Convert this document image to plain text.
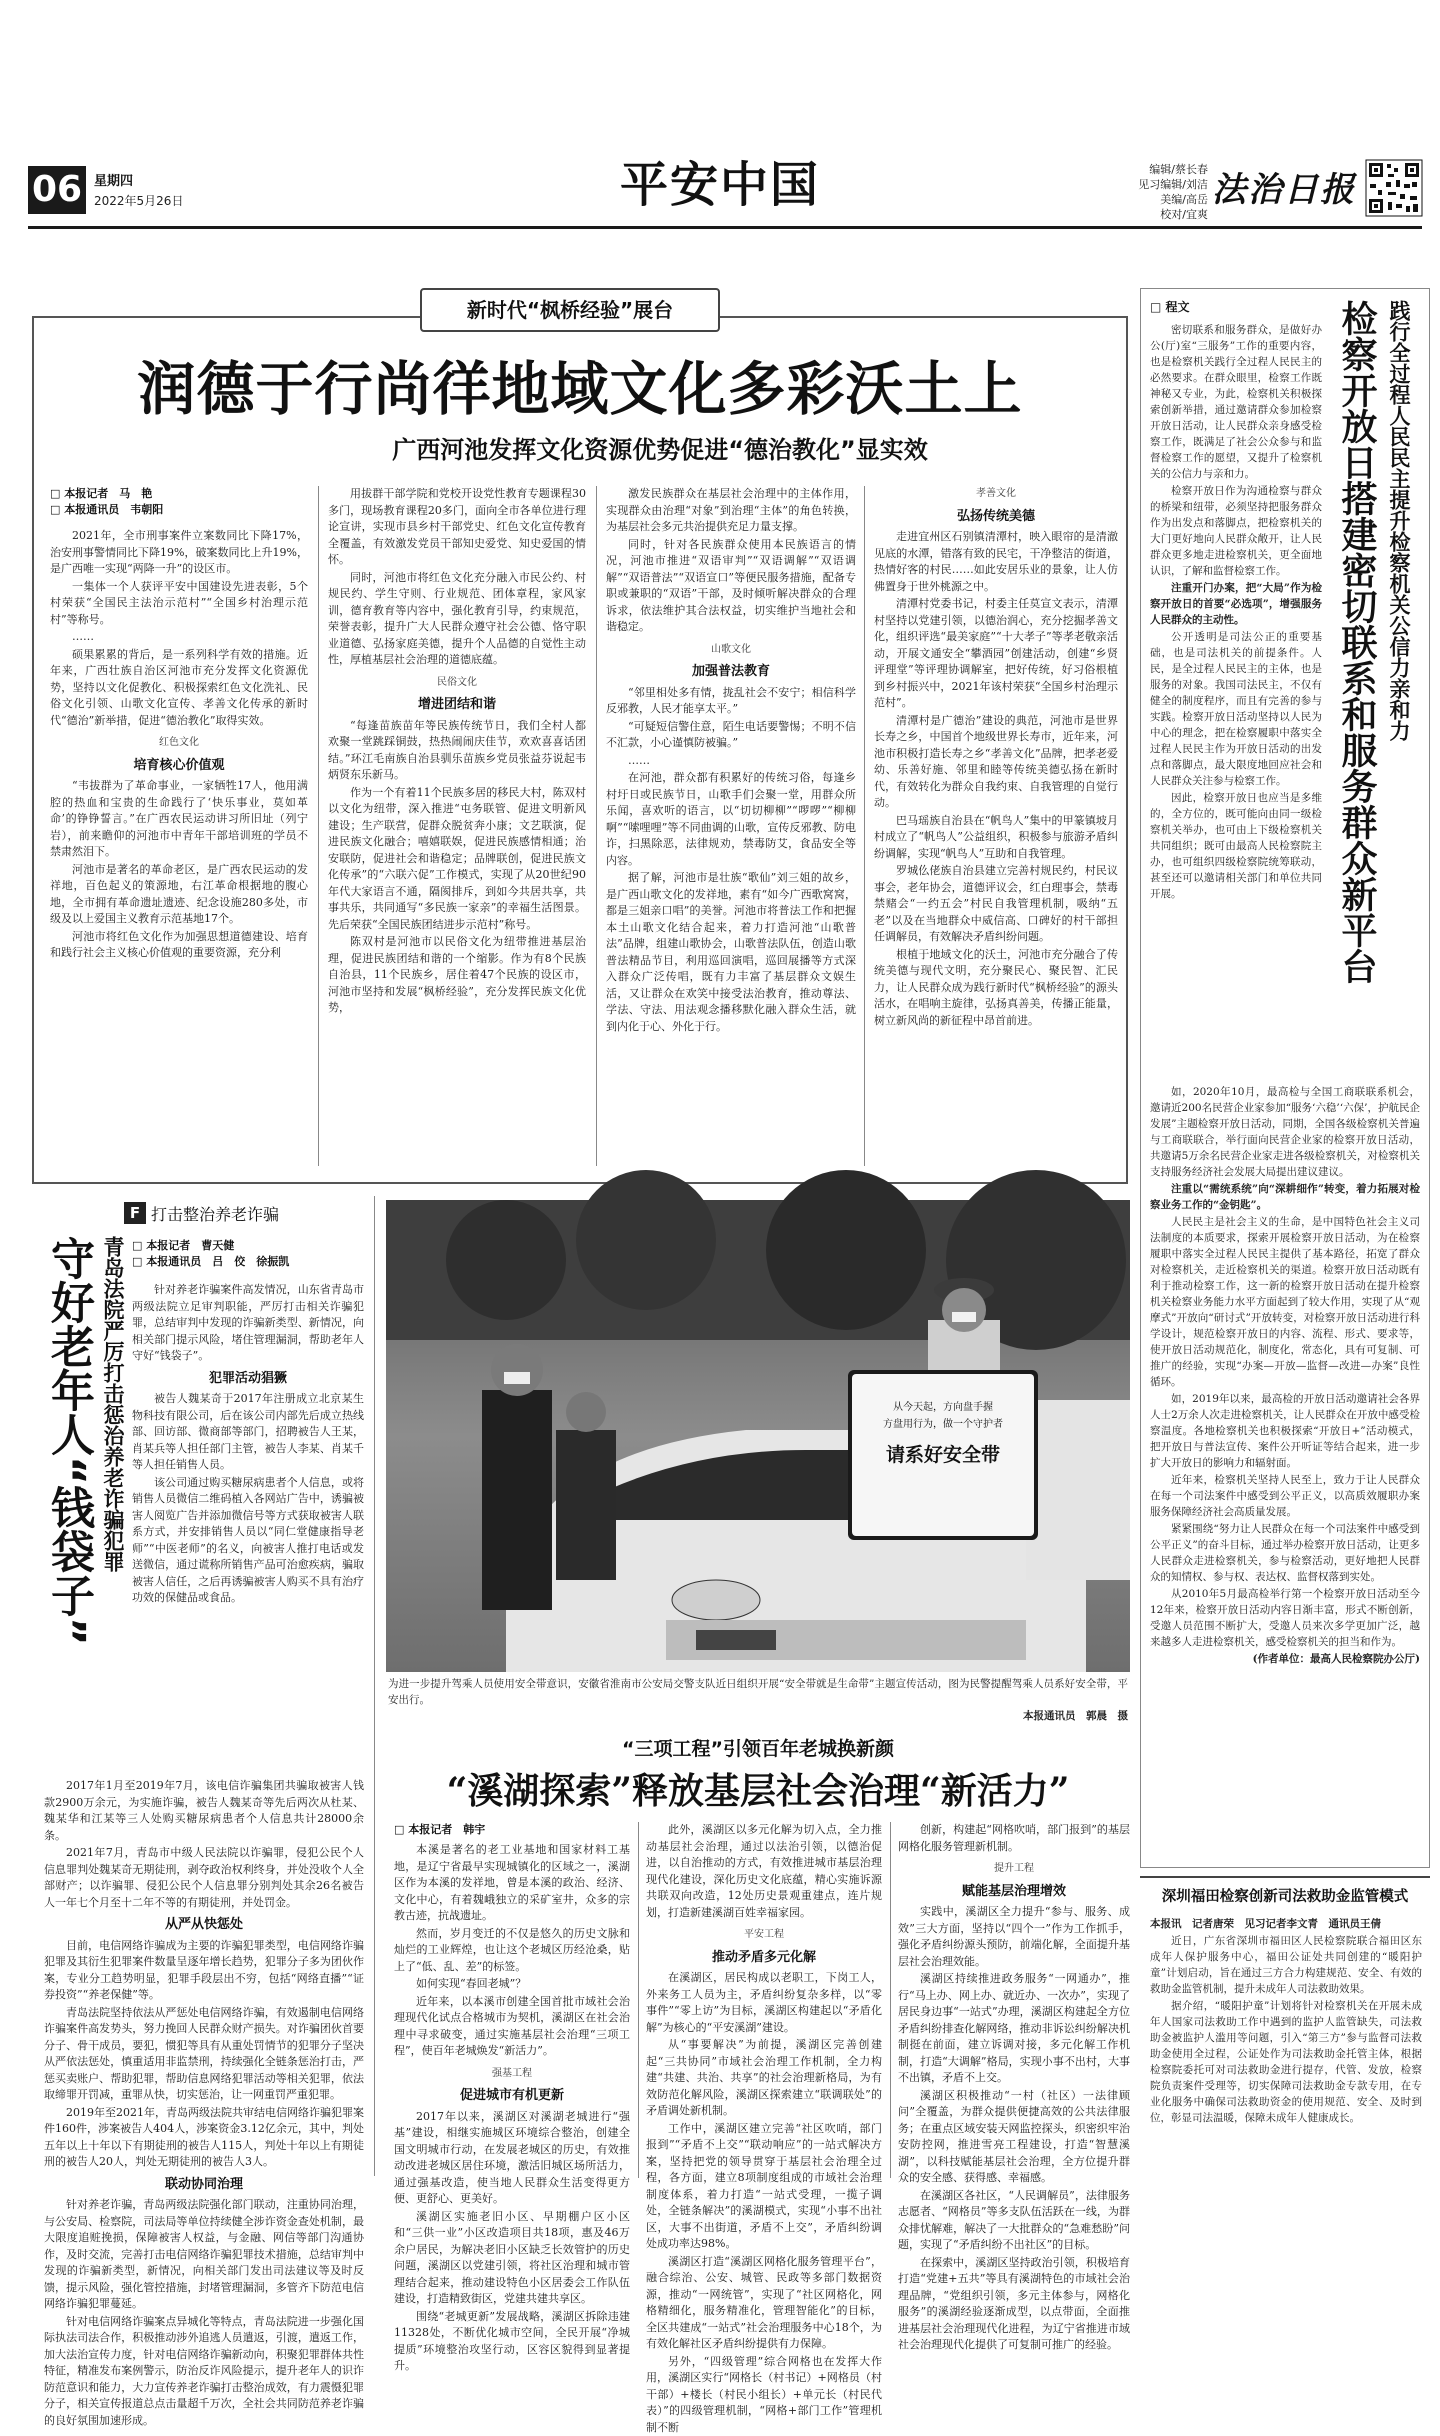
06 星期四
2022年5月26日	平安中国	编辑/蔡长春
见习编辑/刘洁
美编/高岳
校对/宜爽
法治日报
新时代“枫桥经验”展台
润德于行尚徉地域文化多彩沃土上
广西河池发挥文化资源优势促进“德治教化”显实效
□ 本报记者　马　艳
□ 本报通讯员　韦朝阳

2021年，全市刑事案件立案数同比下降17%，治安刑事警情同比下降19%，破案数同比上升19%，是广西唯一实现“两降一升”的设区市。

一集体一个人获评平安中国建设先进表彰，5个村荣获“全国民主法治示范村”“全国乡村治理示范村”等称号。

……

硕果累累的背后，是一系列科学有效的措施。近年来，广西壮族自治区河池市充分发挥文化资源优势，坚持以文化促教化、积极探索红色文化洗礼、民俗文化引领、山歌文化宣传、孝善文化传承的新时代“德治”新举措，促进“德治教化”取得实效。

红色文化
培育核心价值观

“韦拔群为了革命事业，一家牺牲17人，他用满腔的热血和宝贵的生命践行了‘快乐事业，莫如革命’的铮铮誓言。”在广西农民运动讲习所旧址（列宁岩），前来瞻仰的河池市中青年干部培训班的学员不禁肃然泪下。

河池市是著名的革命老区，是广西农民运动的发祥地，百色起义的策源地，右江革命根据地的腹心地，全市拥有革命遗址遗迹、纪念设施280多处，市级及以上爱国主义教育示范基地17个。

河池市将红色文化作为加强思想道德建设、培育和践行社会主义核心价值观的重要资源，充分利

用拔群干部学院和党校开设党性教育专题课程30多门，现场教育课程20多门，面向全市各单位进行理论宣讲，实现市县乡村干部党史、红色文化宣传教育全覆盖，有效激发党员干部知史爱党、知史爱国的情怀。

同时，河池市将红色文化充分融入市民公约、村规民约、学生守则、行业规范、团体章程，家风家训，德育教育等内容中，强化教育引导，约束规范，荣誉表彰，提升广大人民群众遵守社会公德、恪守职业道德、弘扬家庭美德，提升个人品德的自觉性主动性，厚植基层社会治理的道德底蕴。

民俗文化
增进团结和谐

“每逢苗族苗年等民族传统节日，我们全村人都欢聚一堂跳踩铜鼓，热热闹闹庆佳节，欢欢喜喜话团结。”环江毛南族自治县驯乐苗族乡党员张益芬说起韦炳贤东乐新马。

作为一个有着11个民族多居的移民大村，陈双村以文化为纽带，深入推进“屯务联管、促进文明新风建设；生产联营，促群众脱贫奔小康；文艺联演，促进民族文化融合；嘻嬉联娱，促进民族感情相通；治安联防，促进社会和谐稳定；品牌联创，促进民族文化传承”的“六联六促”工作模式，实现了从20世纪90年代大家语言不通，隔阂排斥，到如今共居共享，共事共乐，共同通写“多民族一家亲”的幸福生活图景。先后荣获“全国民族团结进步示范村”称号。

陈双村是河池市以民俗文化为纽带推进基层治理，促进民族团结和谐的一个缩影。作为有8个民族自治县，11个民族乡，居住着47个民族的设区市，河池市坚持和发展“枫桥经验”，充分发挥民族文化优势，

激发民族群众在基层社会治理中的主体作用，实现群众由治理“对象”到治理“主体”的角色转换，为基层社会多元共治提供充足力量支撑。

同时，针对各民族群众使用本民族语言的情况，河池市推进“双语审判”“双语调解”“双语调解”“双语普法”“双语宣口”等便民服务措施，配备专职或兼职的“双语”干部，及时倾听解决群众的合理诉求，依法维护其合法权益，切实维护当地社会和谐稳定。

山歌文化
加强普法教育

“邻里相处多有情，拢乱社会不安宁；相信科学反邪教，人民才能享太平。”

“可疑短信警住意，陌生电话要警惕；不明不信不汇款，小心谨慎防被骗。”

……

在河池，群众都有积累好的传统习俗，每逢乡村圩日或民族节日，山歌手们会聚一堂，用群众所乐闻，喜欢听的语言，以“切切柳柳”“啰啰”“柳柳啊”“嗦哩哩”等不同曲调的山歌，宣传反邪教、防电诈，扫黑除恶，法律规劝，禁毒防艾，食品安全等内容。

据了解，河池市是壮族“歌仙”刘三姐的故乡，是广西山歌文化的发祥地，素有“如今广西歌窝窝，都是三姐亲口唱”的美誉。河池市将普法工作和把握本土山歌文化结合起来，着力打造河池“山歌普法”品牌，组建山歌协会，山歌普法队伍，创造山歌普法精品节目，利用巡回演唱，巡回展播等方式深入群众广泛传唱，既有力丰富了基层群众文娱生活，又让群众在欢笑中接受法治教育，推动尊法、学法、守法、用法观念播移默化融入群众生活，就到内化于心、外化于行。

孝善文化
弘扬传统美德

走进宜州区石别镇清潭村，映入眼帘的是清澈见底的水潭，错落有致的民宅，干净整洁的街道，热情好客的村民……如此安居乐业的景象，让人仿佛置身于世外桃源之中。

清潭村党委书记，村委主任莫宣文表示，清潭村坚持以党建引领，以德治润心，充分挖掘孝善文化，组织评选“最美家庭”“十大孝子”等孝老敬亲活动，开展文通安全“攀酒园”创建活动，创建“乡贤评理堂”等评理协调解室，把好传统，好习俗根植到乡村振兴中，2021年该村荣获“全国乡村治理示范村”。

清潭村是广德治”建设的典范，河池市是世界长寿之乡，中国首个地级世界长寿市，近年来，河池市积极打造长寿之乡“孝善文化”品牌，把孝老爱幼、乐善好施、邻里和睦等传统美德弘扬在新时代，有效转化为群众自我约束、自我管理的自觉行动。

巴马瑶族自治县在“帆鸟人”集中的甲篆镇坡月村成立了“帆鸟人”公益组织，积极参与旅游矛盾纠纷调解，实现“帆鸟人”互助和自我管理。

罗城仫佬族自治县建立完善村规民约，村民议事会，老年协会，道德评议会，红白理事会，禁毒禁赌会“一约五会”村民自我管理机制，吸纳“五老”以及在当地群众中威信高、口碑好的村干部担任调解员，有效解决矛盾纠纷问题。

根植于地域文化的沃土，河池市充分融合了传统美德与现代文明，充分聚民心、聚民智、汇民力，让人民群众成为践行新时代“枫桥经验”的源头活水，在唱响主旋律，弘扬真善美，传播正能量，树立新风尚的新征程中昂首前进。

□ 程文	践行全过程人民民主提升检察机关公信力亲和力
检察开放日搭建密切联系和服务群众新平台

密切联系和服务群众，是做好办公(厅)室“三服务”工作的重要内容，也是检察机关践行全过程人民民主的必然要求。在群众眼里，检察工作既神秘又专业，为此，检察机关积极探索创新举措，通过邀请群众参加检察开放日活动，让人民群众亲身感受检察工作，既满足了社会公众参与和监督检察工作的愿望，又提升了检察机关的公信力与亲和力。

检察开放日作为沟通检察与群众的桥梁和纽带，必须坚持把服务群众作为出发点和落脚点，把检察机关的大门更好地向人民群众敞开，让人民群众更多地走进检察机关，更全面地认识，了解和监督检察工作。

注重开门办案，把“大局”作为检察开放日的首要“必选项”，增强服务人民群众的主动性。

公开透明是司法公正的重要基础，也是司法机关的前提条件。人民，是全过程人民民主的主体，也是服务的对象。我国司法民主，不仅有健全的制度程序，而且有完善的参与实践。检察开放日活动坚持以人民为中心的理念，把在检察履职中落实全过程人民民主作为开放日活动的出发点和落脚点，最大限度地回应社会和人民群众关注参与检察工作。

因此，检察开放日也应当是多维的，全方位的，既可能向由同一级检察机关举办，也可由上下级检察机关共同组织；既可由最高人民检察院主办，也可组织四级检察院统筹联动，甚至还可以邀请相关部门和单位共同开展。

如，2020年10月，最高检与全国工商联联系机会，邀请近200名民营企业家参加“服务‘六稳’‘六保’，护航民企发展”主题检察开放日活动，同期，全国各级检察机关普遍与工商联联合，举行面向民营企业家的检察开放日活动，共邀请5万余名民营企业家走进各级检察机关，对检察机关支持服务经济社会发展大局提出建议建议。

注重以“需统系统”向“深耕细作”转变，着力拓展对检察业务工作的“金钥匙”。

人民民主是社会主义的生命，是中国特色社会主义司法制度的本质要求，探索开展检察开放日活动，为在检察履职中落实全过程人民民主提供了基本路径，拓宽了群众对检察机关，走近检察机关的渠道。检察开放日活动既有利于推动检察工作，这一新的检察开放日活动在提升检察机关检察业务能力水平方面起到了较大作用，实现了从“观摩式”开放向“研讨式”开放转变，对检察开放日活动进行科学设计，规范检察开放日的内容、流程、形式、要求等，使开放日活动规范化，制度化，常态化，具有可复制、可推广的经验，实现“办案—开放—监督—改进—办案”良性循环。

如，2019年以来，最高检的开放日活动邀请社会各界人士2万余人次走进检察机关，让人民群众在开放中感受检察温度。各地检察机关也积极探索“开放日+”活动模式，把开放日与普法宣传、案件公开听证等结合起来，进一步扩大开放日的影响力和辐射面。

近年来，检察机关坚持人民至上，致力于让人民群众在每一个司法案件中感受到公平正义，以高质效履职办案服务保障经济社会高质量发展。

紧紧围绕“努力让人民群众在每一个司法案件中感受到公平正义”的奋斗目标，通过举办检察开放日活动，让更多人民群众走进检察机关，参与检察活动，更好地把人民群众的知情权、参与权、表达权、监督权落到实处。

从2010年5月最高检举行第一个检察开放日活动至今12年来，检察开放日活动内容日渐丰富，形式不断创新，受邀人员范围不断扩大，受邀人员来次多学更加广泛，越来越多人走进检察机关，感受检察机关的担当和作为。

(作者单位：最高人民检察院办公厅)

深圳福田检察创新司法救助金监管模式

本报讯　记者唐荣　见习记者李文青　通讯员王倩

近日，广东省深圳市福田区人民检察院联合福田区东成年人保护服务中心，福田公证处共同创建的“暖阳护童”计划启动，旨在通过三方合力构建规范、安全、有效的救助金监管机制，提升未成年人司法救助效果。

据介绍，“暖阳护童”计划将针对检察机关在开展未成年人国家司法救助工作中遇到的监护人监管缺失，司法救助金被监护人滥用等问题，引入“第三方”参与监督司法救助金使用全过程，公证处作为司法救助金托管主体，根据检察院委托可对司法救助金进行提存，代管、发放，检察院负责案件受理等，切实保障司法救助金专款专用，在专业化服务中确保司法救助资金的使用规范、安全、及时到位，彰显司法温暖，保障未成年人健康成长。

F 打击整治养老诈骗
守好老年人“钱袋子” 青岛法院严厉打击惩治养老诈骗犯罪 □ 本报记者　曹天健
□ 本报通讯员　吕　佼　徐振凯

针对养老诈骗案件高发情况，山东省青岛市两级法院立足审判职能，严厉打击相关诈骗犯罪，总结审判中发现的诈骗新类型、新情况，向相关部门提示风险，堵住管理漏洞，帮助老年人守好“钱袋子”。

犯罪活动猖獗

被告人魏某奇于2017年注册成立北京某生物科技有限公司，后在该公司内部先后成立热线部、回访部、微商部等部门，招聘被告人王某，肖某兵等人担任部门主管，被告人李某、肖某千等人担任销售人员。

该公司通过购买糖尿病患者个人信息，或将销售人员微信二维码植入各网站广告中，诱骗被害人阅览广告并添加微信号等方式获取被害人联系方式，并安排销售人员以“同仁堂健康指导老师”“中医老师”的名义，向被害人推打电话或发送微信，通过谎称所销售产品可治愈疾病，骗取被害人信任，之后再诱骗被害人购买不具有治疗功效的保健品或食品。

2017年1月至2019年7月，该电信诈骗集团共骗取被害人钱款2900万余元，为实施诈骗，被告人魏某奇等先后两次从杜某、魏某华和江某等三人处购买糖尿病患者个人信息共计28000余条。

2021年7月，青岛市中级人民法院以诈骗罪，侵犯公民个人信息罪判处魏某奇无期徒刑，剥夺政治权利终身，并处没收个人全部财产；以诈骗罪、侵犯公民个人信息罪分别判处其余26名被告人一年七个月至十二年不等的有期徒刑，并处罚金。

从严从快惩处

目前，电信网络诈骗成为主要的诈骗犯罪类型，电信网络诈骗犯罪及其衍生犯罪案件数量呈逐年增长趋势，犯罪分子多为团伙作案，专业分工趋势明显，犯罪手段层出不穷，包括“网络直播”“证券投资”“养老保健”等。

青岛法院坚持依法从严惩处电信网络诈骗，有效遏制电信网络诈骗案件高发势头，努力挽回人民群众财产损失。对诈骗团伙首要分子、骨干成员，要犯，惯犯等具有从重处罚情节的犯罪分子坚决从严依法惩处，慎重适用非监禁刑，持续强化全链条惩治打击，严惩买卖账户、帮助犯罪，帮助信息网络犯罪活动等相关犯罪，依法取缔罪开罚减，重罪从快，切实惩治，让一网重罚严重犯罪。

2019年至2021年，青岛两级法院共审结电信网络诈骗犯罪案件160件，涉案被告人404人，涉案资金3.12亿余元，其中，判处五年以上十年以下有期徒刑的被告人115人，判处十年以上有期徒刑的被告人20人，判处无期徒刑的被告人3人。

联动协同治理

针对养老诈骗，青岛两级法院强化部门联动，注重协同治理，与公安局、检察院，司法局等单位持续健全涉诈资金查处机制，最大限度追赃挽损，保障被害人权益，与金融、网信等部门沟通协作，及时交流，完善打击电信网络诈骗犯罪技术措施，总结审判中发现的诈骗新类型，新情况，向相关部门发出司法建议等及时反馈，提示风险，强化管控措施，封堵管理漏洞，多管齐下防范电信网络诈骗犯罪蔓延。

针对电信网络诈骗案点异城化等特点，青岛法院进一步强化国际执法司法合作，积极推动涉外追逃人员遣返，引渡，遣返工作，加大法治宣传力度，针对电信网络诈骗新动向，积聚犯罪群体共性特征，精准发布案例警示，防治反诈风险提示，提升老年人的识诈防范意识和能力，大力宣传养老诈骗打击整治成效，有力震慑犯罪分子，相关宣传报道总点击量超千万次，全社会共同防范养老诈骗的良好氛围加速形成。

从今天起，方向盘手握
方盘用行为，做一个守护者
请系好安全带
为进一步提升驾乘人员使用安全带意识，安徽省淮南市公安局交警支队近日组织开展“安全带就是生命带”主题宣传活动，图为民警提醒驾乘人员系好安全带，平安出行。
本报通讯员　郭晨　摄
“三项工程”引领百年老城换新颜
“溪湖探索”释放基层社会治理“新活力”
□ 本报记者　韩宇

本溪是著名的老工业基地和国家材料工基地，是辽宁省最早实现城镇化的区域之一，溪湖区作为本溪的发祥地，曾是本溪的政治、经济、文化中心，有着魏峨独立的采矿室井，众多的宗教古迹，抗战遗址。

然而，岁月变迁的不仅是悠久的历史文脉和灿烂的工业辉煌，也让这个老城区历经沧桑，贴上了“低、乱、差”的标签。

如何实现“春回老城”？

近年来，以本溪市创建全国首批市域社会治理现代化试点合格城市为契机，溪湖区在社会治理中寻求破变，通过实施基层社会治理“三项工程”，使百年老城焕发“新活力”。

强基工程
促进城市有机更新

2017年以来，溪湖区对溪湖老城进行“强基”建设，相继实施城区环境综合整治，创建全国文明城市行动，在发展老城区的历史，有效推动改进老城区居住环境，激活旧城区场所活力，通过强基改造，使当地人民群众生活变得更方便、更舒心、更美好。

溪湖区实施老旧小区、早期棚户区小区和“三供一业”小区改造项目共18项，惠及46万余户居民，为解决老旧小区缺乏长效管护的历史问题，溪湖区以党建引领，将社区治理和城市管理结合起来，推动建设特色小区居委会工作队伍建设，打造精致街区，党建共建共享区。

围绕“老城更新”发展战略，溪湖区拆除违建11328处，不断优化城市空间，全民开展“净城提质”环境整治攻坚行动，区容区貌得到显著提升。

此外，溪湖区以多元化解为切入点，全力推动基层社会治理，通过以法治引领，以德治促进，以自治推动的方式，有效推进城市基层治理现代化建设，深化历史文化底蕴，精心实施诉源共联双向改造，12处历史景观重建点，连片规划，打造新建溪湖百姓幸福家园。

平安工程
推动矛盾多元化解

在溪湖区，居民构成以老职工，下岗工人，外来务工人员为主，矛盾纠纷复杂多样，以“零事件”“零上访”为目标，溪湖区构建起以“矛盾化解”为核心的“平安溪湖”建设。

从“事要解决”为前提，溪湖区完善创建起“三共协同”市域社会治理工作机制，全力构建“共建、共治、共享”的社会治理新格局，为有效防范化解风险，溪湖区探索建立“联调联处”的矛盾调处新机制。

工作中，溪湖区建立完善“社区吹哨，部门报到”“矛盾不上交”“联动响应”的一站式解决方案，坚持把党的领导贯穿于基层社会治理全过程，各方面，建立8项制度组成的市域社会治理制度体系，着力打造“一站式受理，一揽子调处，全链条解决”的溪湖模式，实现“小事不出社区，大事不出街道，矛盾不上交”，矛盾纠纷调处成功率达98%。

溪湖区打造“溪湖区网格化服务管理平台”，融合综治、公安、城管、民政等多部门数据资源，推动“一网统管”，实现了“社区网格化，网格精细化，服务精准化，管理智能化”的目标，全区共建成“一站式”社会治理服务中心18个，为有效化解社区矛盾纠纷提供有力保障。

另外，“四级管理”综合网格也在发挥大作用，溪湖区实行“网格长（村书记）+网格员（村干部）+楼长（村民小组长）+单元长（村民代表）”的四级管理机制，“网格+部门工作”管理机制不断

创新，构建起“网格吹哨，部门报到”的基层网格化服务管理新机制。

提升工程
赋能基层治理增效

实践中，溪湖区全力提升“参与、服务、成效”三大方面，坚持以“四个一”作为工作抓手，强化矛盾纠纷源头预防，前端化解，全面提升基层社会治理效能。

溪湖区持续推进政务服务“一网通办”，推行“马上办、网上办、就近办、一次办”，实现了居民身边事“一站式”办理，溪湖区构建起全方位矛盾纠纷排查化解网络，推动非诉讼纠纷解决机制挺在前面，建立诉调对接，多元化解工作机制，打造“大调解”格局，实现小事不出村，大事不出镇，矛盾不上交。

溪湖区积极推动“一村（社区）一法律顾问”全覆盖，为群众提供便捷高效的公共法律服务；在重点区域安装天网监控探头，织密织牢治安防控网，推进雪亮工程建设，打造“智慧溪湖”，以科技赋能基层社会治理，全方位提升群众的安全感、获得感、幸福感。

在溪湖区各社区，“人民调解员”，法律服务志愿者、“网格员”等多支队伍活跃在一线，为群众排忧解难，解决了一大批群众的“急难愁盼”问题，实现了“矛盾纠纷不出社区”的目标。

在探索中，溪湖区坚持政治引领，积极培育打造“党建+五共”等具有溪湖特色的市域社会治理品牌，“党组织引领，多元主体参与，网格化服务”的溪湖经验逐渐成型，以点带面，全面推进基层社会治理现代化进程，为辽宁省推进市域社会治理现代化提供了可复制可推广的经验。
